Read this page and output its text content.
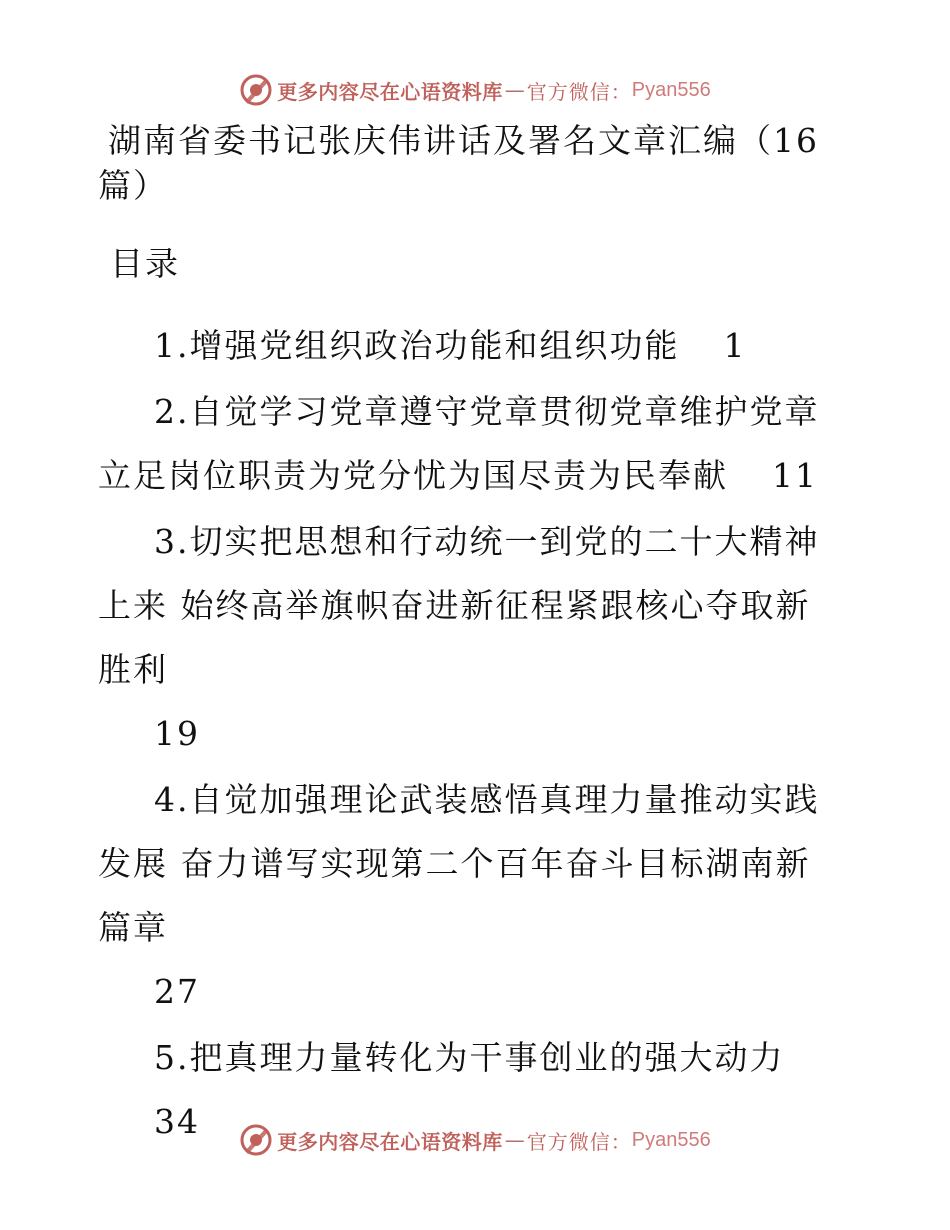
更多内容尽在心语资料库 — 官方微信： Pyan556
湖南省委书记张庆伟讲话及署名文章汇编（16篇）
目录
1.增强党组织政治功能和组织功能 1
2.自觉学习党章遵守党章贯彻党章维护党章立足岗位职责为党分忧为国尽责为民奉献 11
3.切实把思想和行动统一到党的二十大精神上来 始终高举旗帜奋进新征程紧跟核心夺取新胜利
19
4.自觉加强理论武装感悟真理力量推动实践发展 奋力谱写实现第二个百年奋斗目标湖南新篇章
27
5.把真理力量转化为干事创业的强大动力
34
更多内容尽在心语资料库 — 官方微信： Pyan556
